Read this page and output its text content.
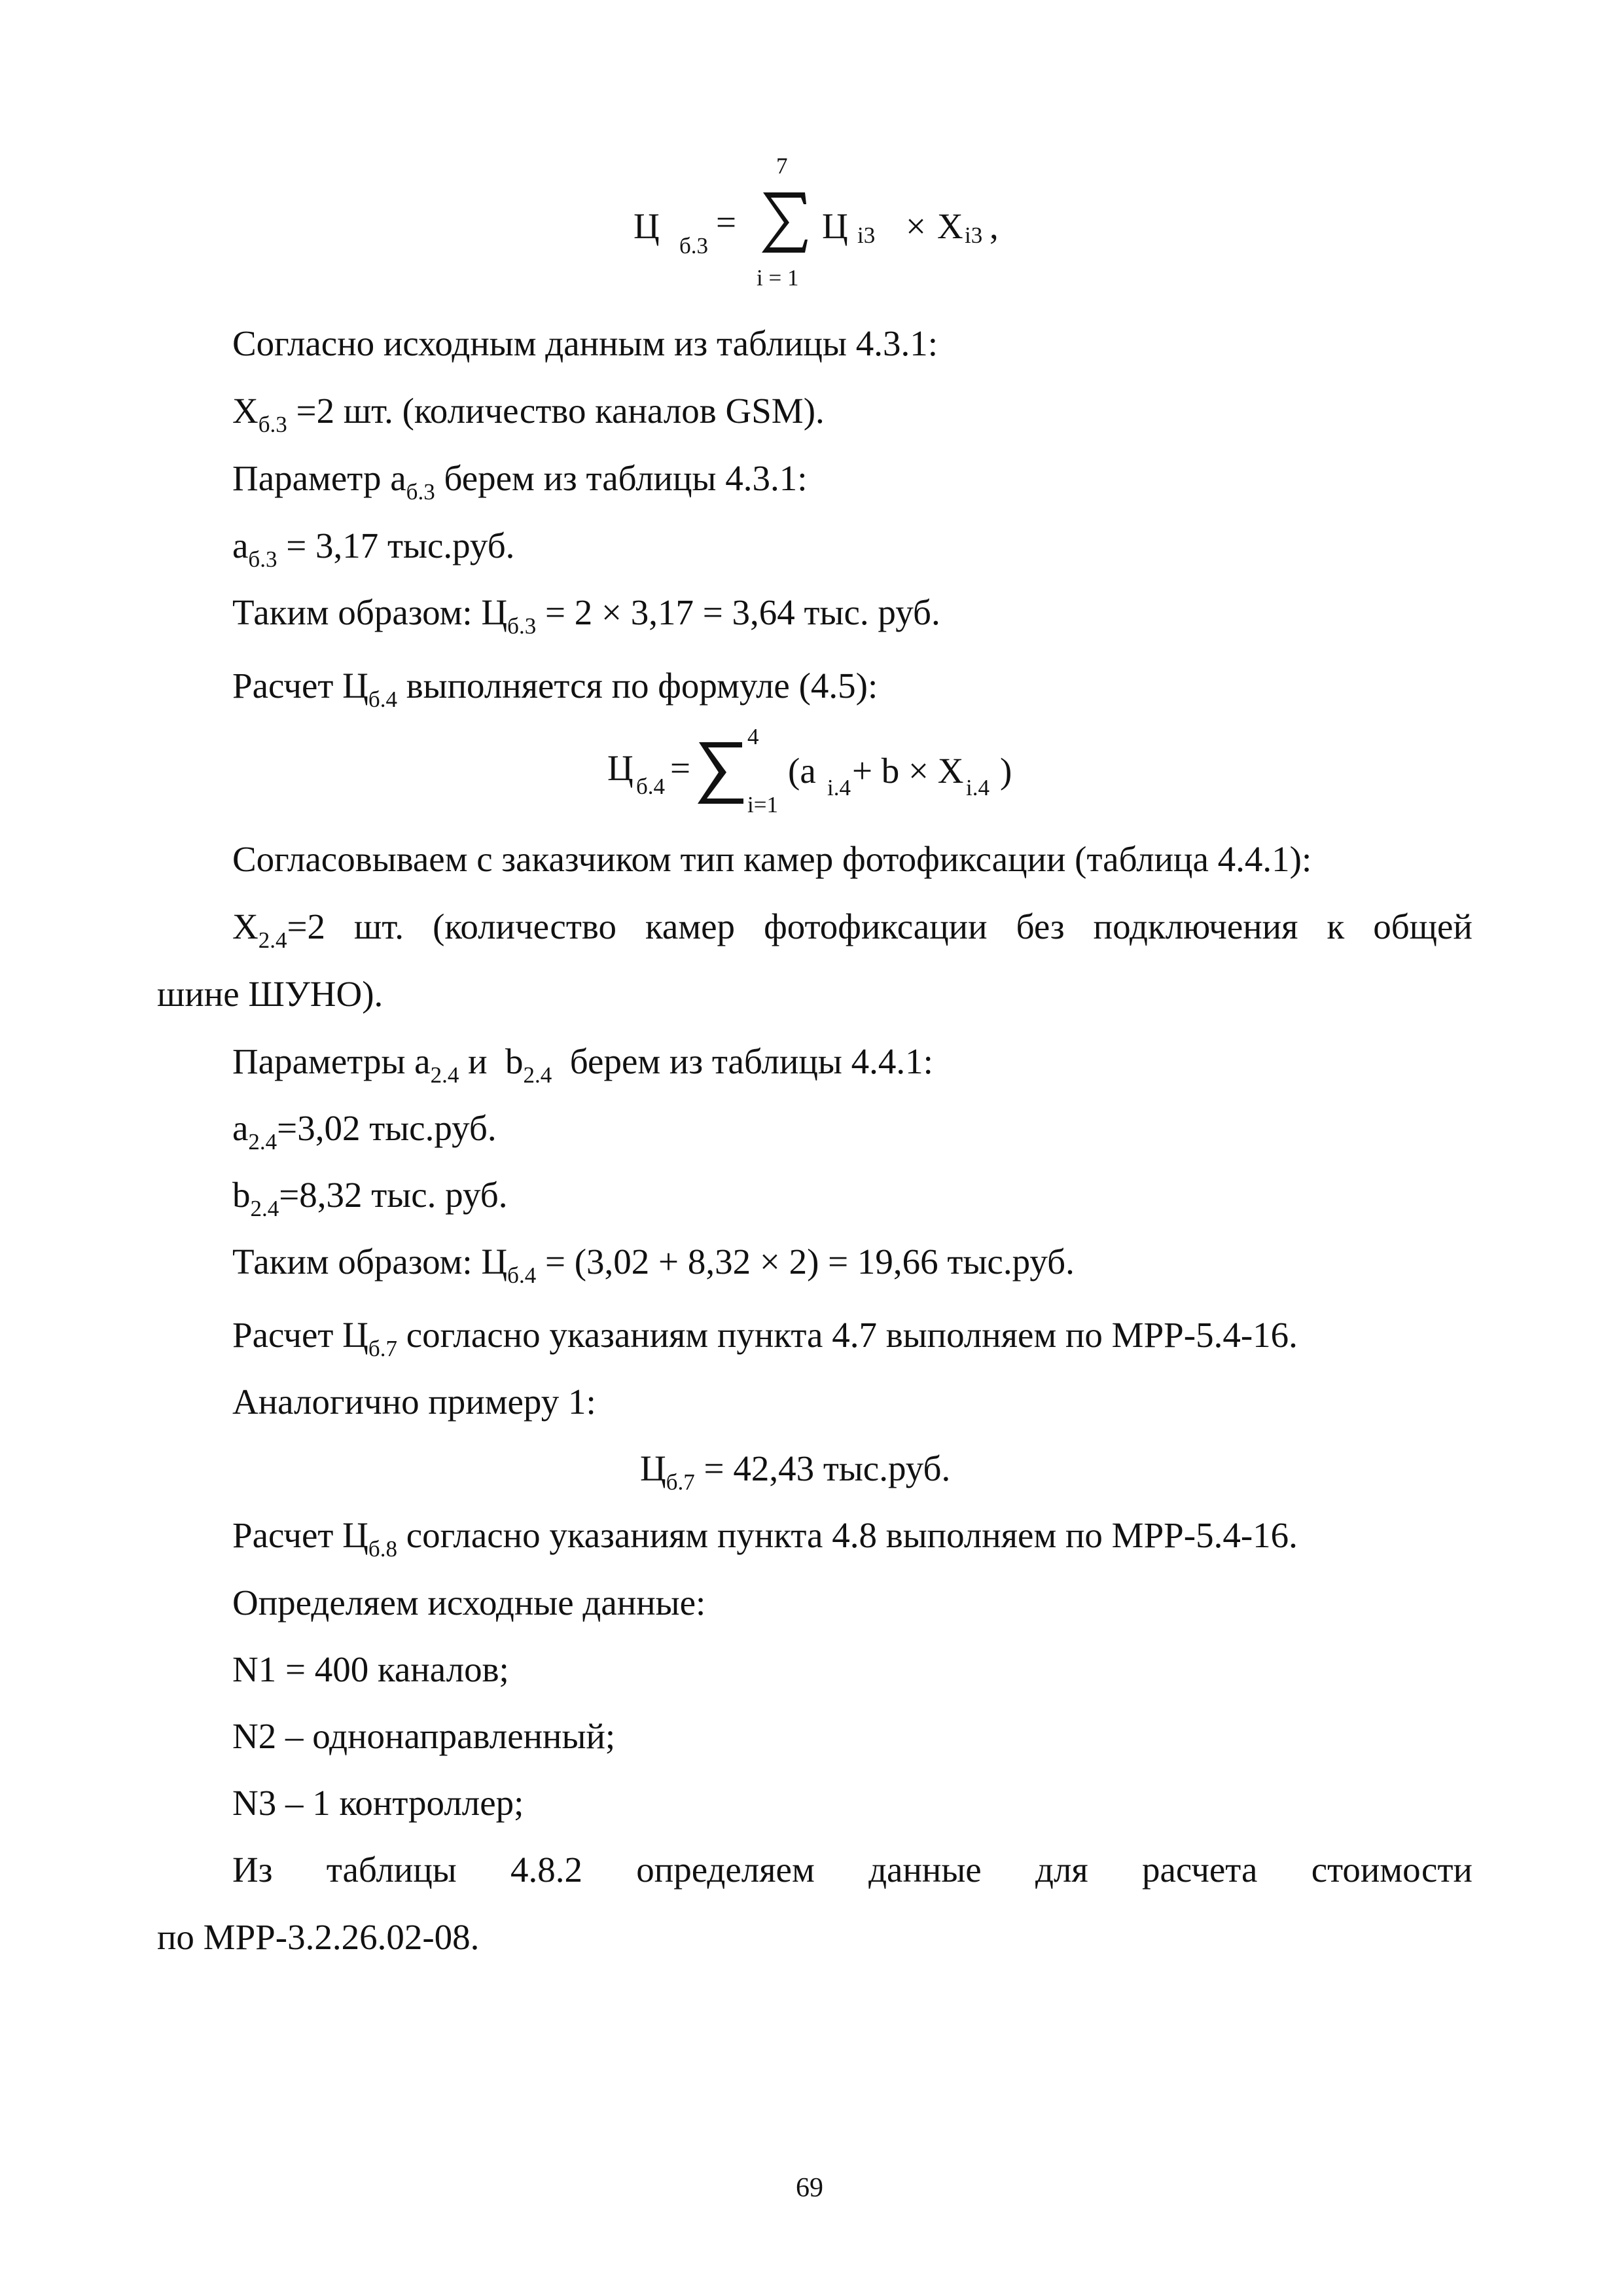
Ц б.3
=
7
i = 1
Ц i3 × X i3 ,
Согласно исходным данным из таблицы 4.3.1:
$X_{б.3} =2$ шт. (количество каналов GSM).
Параметр $a_{б.3}$ берем из таблицы 4.3.1:
$a_{б.3} = 3,17$ тыс.руб.
Таким образом: $Ц_{б.3} = 2 \times 3,17 = 3,64$ тыс. руб.
Расчет $Ц_{б.4}$ выполняется по формуле (4.5):
Ц б.4 =
4
i=1
(a i.4 + b × X i.4 )
Согласовываем с заказчиком тип камер фотофиксации (таблица 4.4.1):
$X_{2.4}=2$ шт. (количество камер фотофиксации без подключения к общей
шине ШУНО).
Параметры $a_{2.4}$ и  $b_{2.4}$  берем из таблицы 4.4.1:
$a_{2.4}=3,02$ тыс.руб.
$b_{2.4}=8,32$ тыс. руб.
Таким образом: $Ц_{б.4} = (3,02 + 8,32 \times 2) = 19,66$ тыс.руб.
Расчет $Ц_{б.7}$ согласно указаниям пункта 4.7 выполняем по МРР-5.4-16.
Аналогично примеру 1:
$Ц_{б.7} = 42,43$ тыс.руб.
Расчет $Ц_{б.8}$ согласно указаниям пункта 4.8 выполняем по МРР-5.4-16.
Определяем исходные данные:
N1 = 400 каналов;
N2 – однонаправленный;
N3 – 1 контроллер;
Из таблицы 4.8.2 определяем данные для расчета стоимости
по МРР-3.2.26.02-08.
69
